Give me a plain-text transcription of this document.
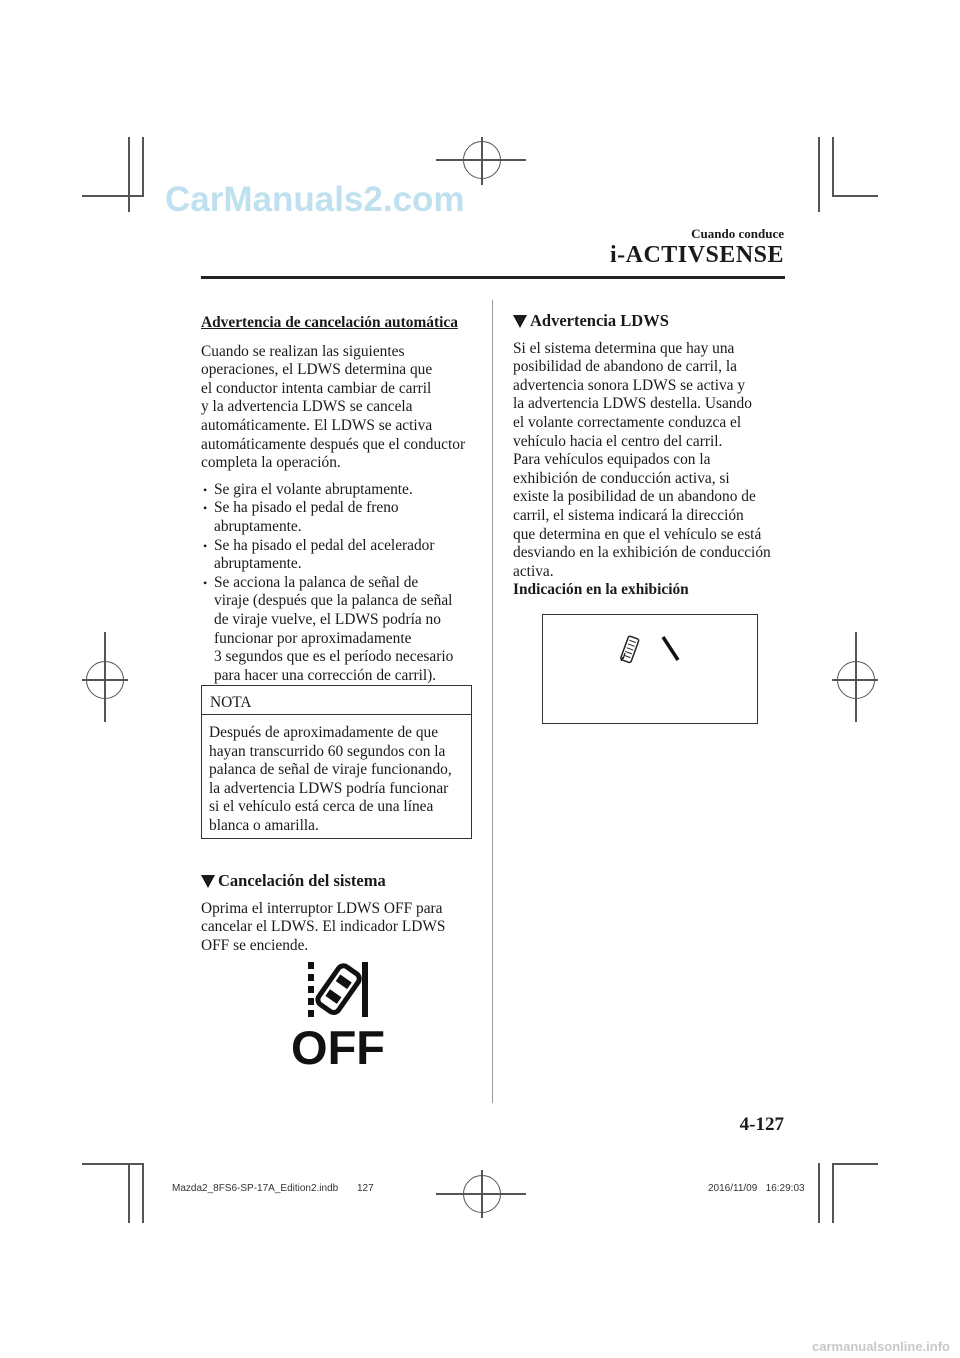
CarManuals2.com
Cuando conduce
i-ACTIVSENSE

Advertencia de cancelación automática

Cuando se realizan las siguientes

operaciones, el LDWS determina que

el conductor intenta cambiar de carril

y la advertencia LDWS se cancela

automáticamente. El LDWS se activa

automáticamente después que el conductor

completa la operación.

• Se gira el volante abruptamente.

• Se ha pisado el pedal de freno

abruptamente.

• Se ha pisado el pedal del acelerador

abruptamente.

• Se acciona la palanca de señal de

viraje (después que la palanca de señal

de viraje vuelve, el LDWS podría no

funcionar por aproximadamente

3 segundos que es el período necesario

para hacer una corrección de carril).

NOTA

Después de aproximadamente de que

hayan transcurrido 60 segundos con la

palanca de señal de viraje funcionando,

la advertencia LDWS podría funcionar

si el vehículo está cerca de una línea

blanca o amarilla.

Cancelación del sistema

Oprima el interruptor LDWS OFF para

cancelar el LDWS. El indicador LDWS

OFF se enciende.

OFF
Advertencia LDWS

Si el sistema determina que hay una

posibilidad de abandono de carril, la

advertencia sonora LDWS se activa y

la advertencia LDWS destella. Usando

el volante correctamente conduzca el

vehículo hacia el centro del carril.

Para vehículos equipados con la

exhibición de conducción activa, si

existe la posibilidad de un abandono de

carril, el sistema indicará la dirección

que determina en que el vehículo se está

desviando en la exhibición de conducción

activa.

Indicación en la exhibición

4-127
Mazda2_8FS6-SP-17A_Edition2.indb 127	2016/11/09   16:29:03
carmanualsonline.info
